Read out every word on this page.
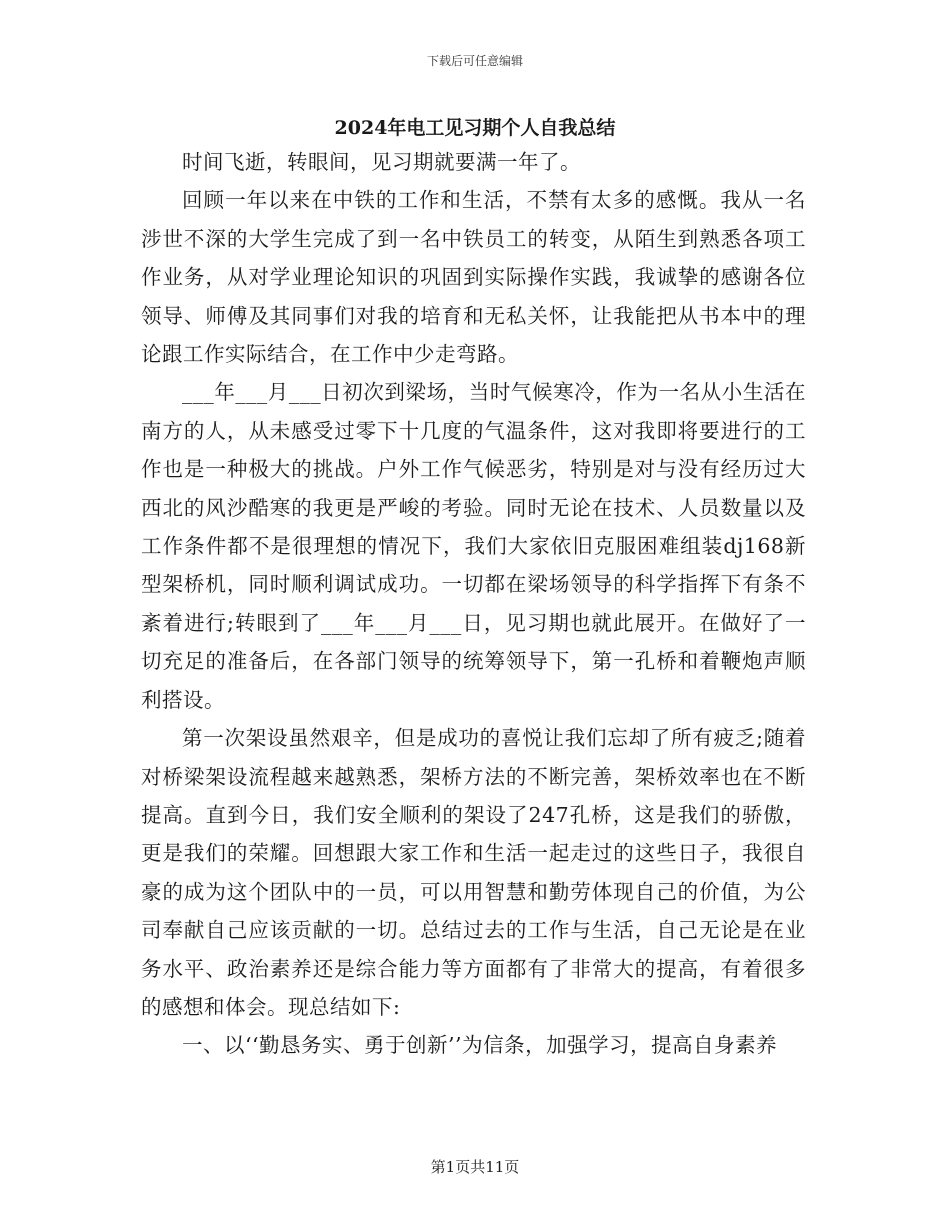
下载后可任意编辑
2024年电工见习期个人自我总结

时间飞逝，转眼间，见习期就要满一年了。

回顾一年以来在中铁的工作和生活，不禁有太多的感慨。我从一名涉世不深的大学生完成了到一名中铁员工的转变，从陌生到熟悉各项工作业务，从对学业理论知识的巩固到实际操作实践，我诚挚的感谢各位领导、师傅及其同事们对我的培育和无私关怀，让我能把从书本中的理论跟工作实际结合，在工作中少走弯路。

___年___月___日初次到梁场，当时气候寒冷，作为一名从小生活在南方的人，从未感受过零下十几度的气温条件，这对我即将要进行的工作也是一种极大的挑战。户外工作气候恶劣，特别是对与没有经历过大西北的风沙酷寒的我更是严峻的考验。同时无论在技术、人员数量以及工作条件都不是很理想的情况下，我们大家依旧克服困难组装dj168新型架桥机，同时顺利调试成功。一切都在梁场领导的科学指挥下有条不紊着进行;转眼到了___年___月___日，见习期也就此展开。在做好了一切充足的准备后，在各部门领导的统筹领导下，第一孔桥和着鞭炮声顺利搭设。

第一次架设虽然艰辛，但是成功的喜悦让我们忘却了所有疲乏;随着对桥梁架设流程越来越熟悉，架桥方法的不断完善，架桥效率也在不断提高。直到今日，我们安全顺利的架设了247孔桥，这是我们的骄傲，更是我们的荣耀。回想跟大家工作和生活一起走过的这些日子，我很自豪的成为这个团队中的一员，可以用智慧和勤劳体现自己的价值，为公司奉献自己应该贡献的一切。总结过去的工作与生活，自己无论是在业务水平、政治素养还是综合能力等方面都有了非常大的提高，有着很多的感想和体会。现总结如下:

一、以‘‘勤恳务实、勇于创新’’为信条，加强学习，提高自身素养

第1页共11页
